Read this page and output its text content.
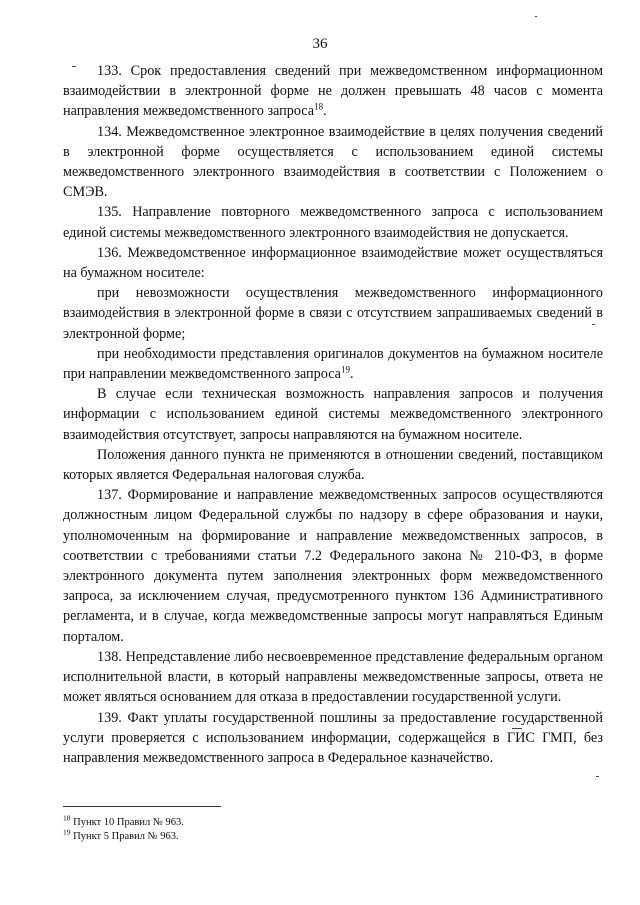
36

133. Срок предоставления сведений при межведомственном информационном взаимодействии в электронной форме не должен превышать 48 часов с момента направления межведомственного запроса$^{18}$.

134. Межведомственное электронное взаимодействие в целях получения сведений в электронной форме осуществляется с использованием единой системы межведомственного электронного взаимодействия в соответствии с Положением о СМЭВ.

135. Направление повторного межведомственного запроса с использованием единой системы межведомственного электронного взаимодействия не допускается.

136. Межведомственное информационное взаимодействие может осуществляться на бумажном носителе:

при невозможности осуществления межведомственного информационного взаимодействия в электронной форме в связи с отсутствием запрашиваемых сведений в электронной форме;

при необходимости представления оригиналов документов на бумажном носителе при направлении межведомственного запроса$^{19}$.

В случае если техническая возможность направления запросов и получения информации с использованием единой системы межведомственного электронного взаимодействия отсутствует, запросы направляются на бумажном носителе.

Положения данного пункта не применяются в отношении сведений, поставщиком которых является Федеральная налоговая служба.

137. Формирование и направление межведомственных запросов осуществляются должностным лицом Федеральной службы по надзору в сфере образования и науки, уполномоченным на формирование и направление межведомственных запросов, в соответствии с требованиями статьи 7.2 Федерального закона № 210-ФЗ, в форме электронного документа путем заполнения электронных форм межведомственного запроса, за исключением случая, предусмотренного пунктом 136 Административного регламента, и в случае, когда межведомственные запросы могут направляться Единым порталом.

138. Непредставление либо несвоевременное представление федеральным органом исполнительной власти, в который направлены межведомственные запросы, ответа не может являться основанием для отказа в предоставлении государственной услуги.

139. Факт уплаты государственной пошлины за предоставление государственной услуги проверяется с использованием информации, содержащейся в ГИС ГМП, без направления межведомственного запроса в Федеральное казначейство.

$^{18}$ Пункт 10 Правил № 963.

$^{19}$ Пункт 5 Правил № 963.
